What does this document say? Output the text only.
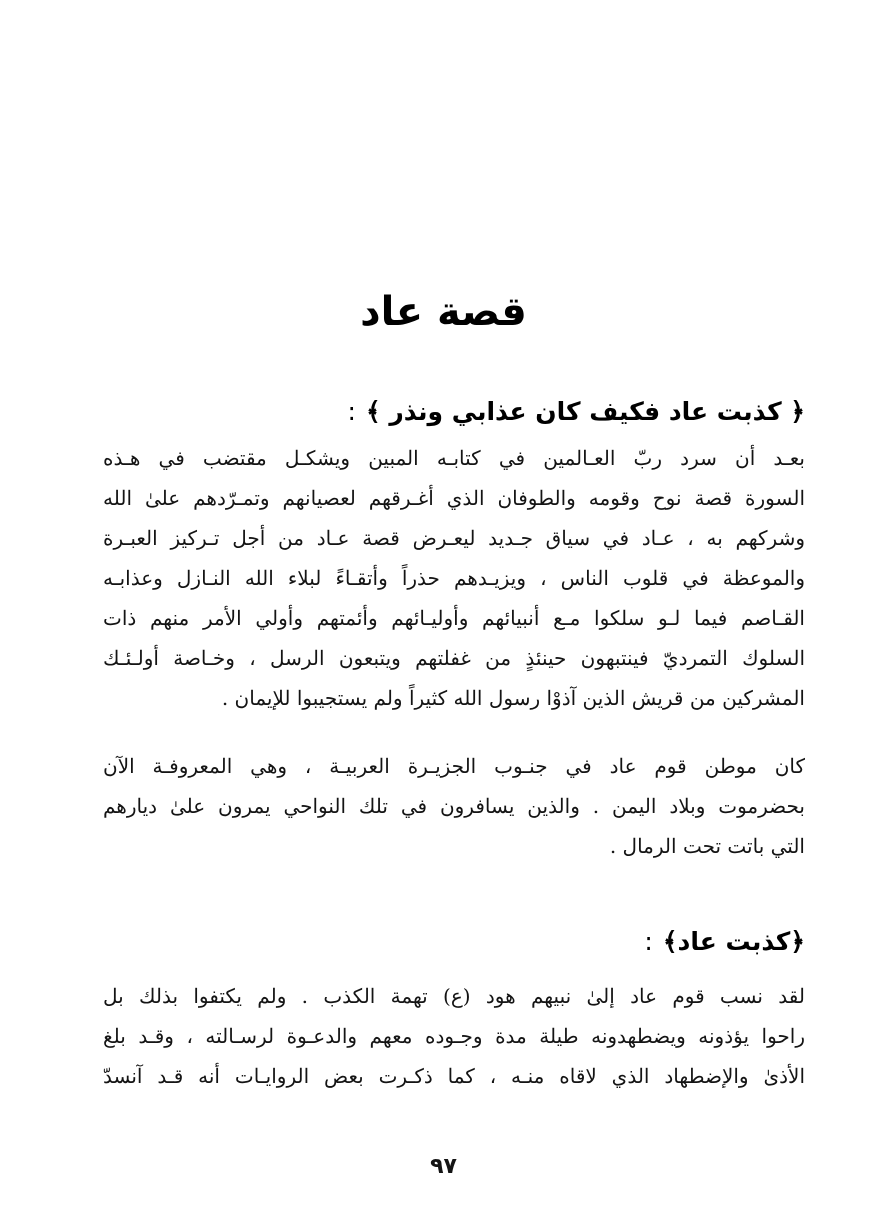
قصة عاد
﴿ كذبت عاد فكيف كان عذابي ونذر ﴾:
بعـد أن سرد ربّ العـالمين في كتابـه المبين ويشكـل مقتضب في هـذه
السورة قصة نوح وقومه والطوفان الذي أغـرقهم لعصيانهم وتمـرّدهم علىٰ الله
وشركهم به ، عـاد في سياق جـديد ليعـرض قصة عـاد من أجل تـركيز العبـرة
والموعظة في قلوب الناس ، ويزيـدهم حذراً وأتقـاءً لبلاء الله النـازل وعذابـه
القـاصم فيما لـو سلكوا مـع أنبيائهم وأوليـائهم وأئمتهم وأولي الأمر منهم ذات
السلوك التمرديّ فينتبهون حينئذٍ من غفلتهم ويتبعون الرسل ، وخـاصة أولـئـك
المشركين من قريش الذين آذوْا رسول الله كثيراً ولم يستجيبوا للإيمان .
كان موطن قوم عاد في جنـوب الجزيـرة العربيـة ، وهي المعروفـة الآن
بحضرموت وبلاد اليمن . والذين يسافرون في تلك النواحي يمرون علىٰ ديارهم
التي باتت تحت الرمال .
﴿كذبت عاد﴾:
لقد نسب قوم عاد إلىٰ نبيهم هود (ع) تهمة الكذب . ولم يكتفوا بذلك بل
راحوا يؤذونه ويضطهدونه طيلة مدة وجـوده معهم والدعـوة لرسـالته ، وقـد بلغ
الأذىٰ والإضطهاد الذي لاقاه منـه ، كما ذكـرت بعض الروايـات أنه قـد آنسدّ
٩٧
